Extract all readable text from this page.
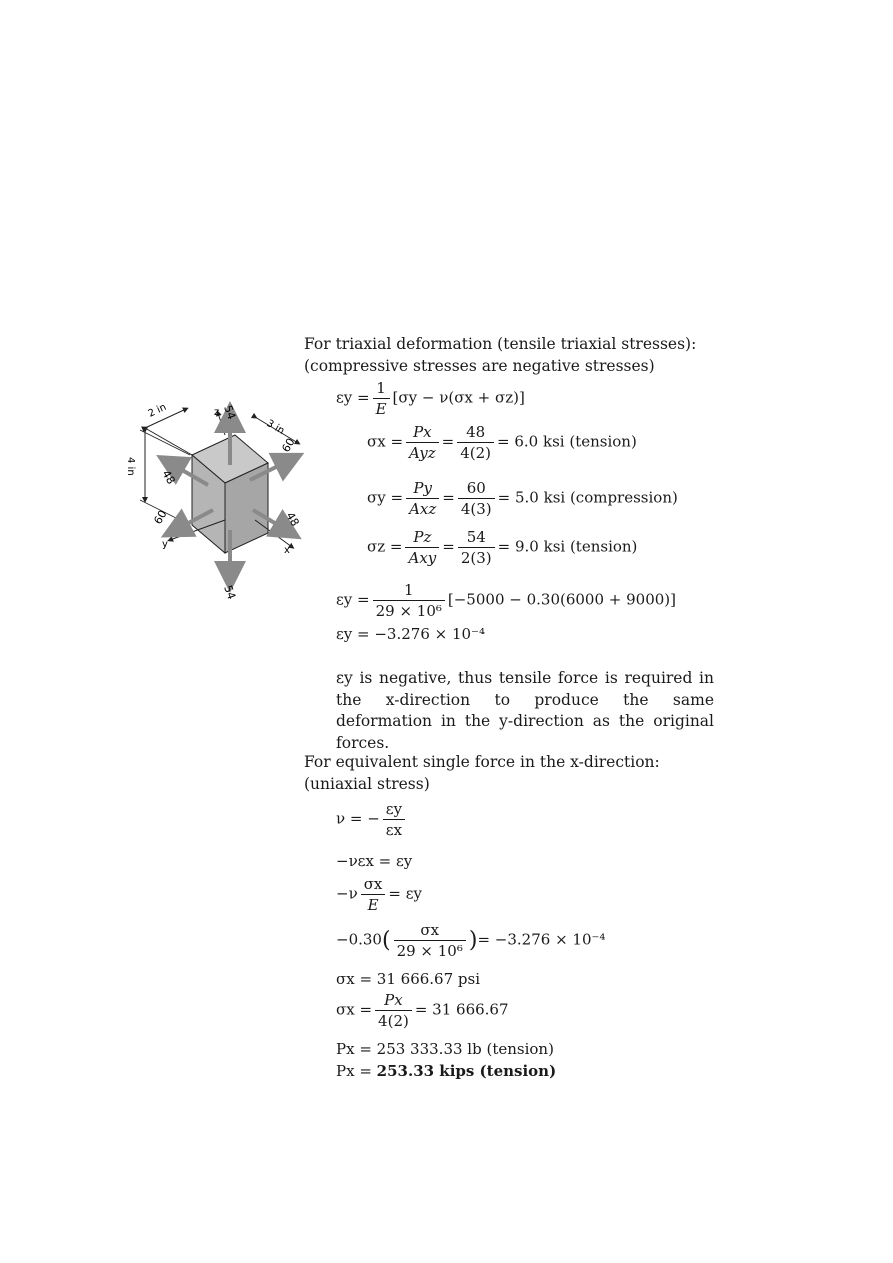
For triaxial deformation (tensile triaxial stresses):
(compressive stresses are negative stresses)
2 in
3 in
4 in
z
y
x
54
54
48
48
60
60
$\varepsilon y = \frac{1}{E} [\sigma y - \nu(\sigma x + \sigma z)]$
$\sigma x = \frac{Px}{\text{Ayz}} = \frac{48}{4(2)} = 6.0$ ksi (tension)
$\sigma y = \frac{Py}{\text{Axz}} = \frac{60}{4(3)} = 5.0$ ksi (compression)
$\sigma z = \frac{Pz}{\text{Axy}} = \frac{54}{2(3)} = 9.0$ ksi (tension)
$\varepsilon y = \frac{1}{\text{29 × 10⁶}} [-5000 - 0.30(6000 + 9000)]$
εy = −3.276 × 10⁻⁴
εy is negative, thus tensile force is required in the x-direction to produce the same deformation in the y-direction as the original forces.
For equivalent single force in the x-direction:
(uniaxial stress)
ν = − $\frac{\varepsilon y}{\varepsilon x}$
−νεx = εy
$-\nu \frac{\sigma x}{E} = \varepsilon y$
$-0.30( \frac{\sigma x}{\text{29 × 10⁶}}$ )= −3.276 × 10⁻⁴
σx = 31 666.67 psi
$\sigma x = \frac{Px}{4(2)} = 31$ 666.67
Px = 253 333.33 lb (tension)
Px = 253.33 kips (tension)
